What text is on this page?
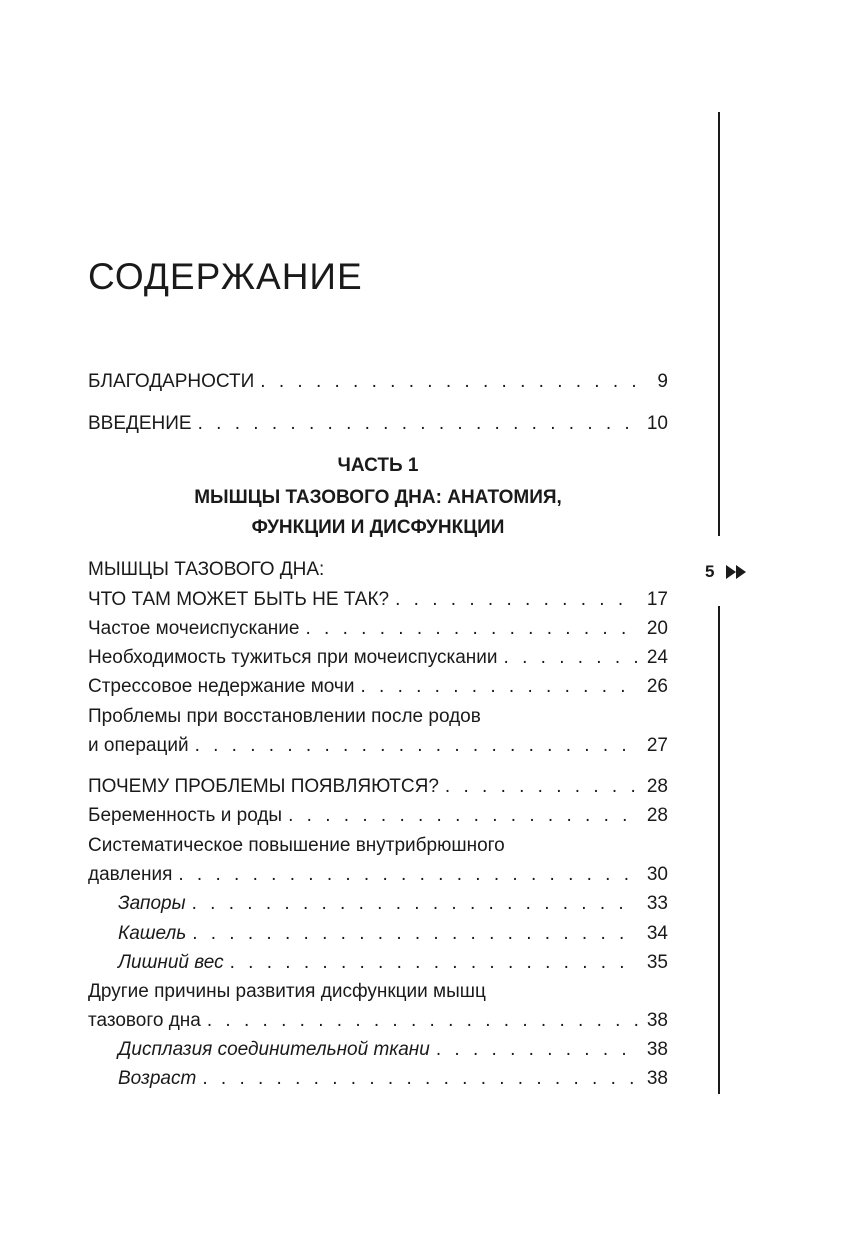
СОДЕРЖАНИЕ
БЛАГОДАРНОСТИ . . .	9
ВВЕДЕНИЕ . . .	10
ЧАСТЬ 1
МЫШЦЫ ТАЗОВОГО ДНА: АНАТОМИЯ,
ФУНКЦИИ И ДИСФУНКЦИИ
МЫШЦЫ ТАЗОВОГО ДНА:
ЧТО ТАМ МОЖЕТ БЫТЬ НЕ ТАК? . . .	17
Частое мочеиспускание . . .	20
Необходимость тужиться при мочеиспускании . . .	24
Стрессовое недержание мочи . . .	26
Проблемы при восстановлении после родов
и операций . . .	27
ПОЧЕМУ ПРОБЛЕМЫ ПОЯВЛЯЮТСЯ? . . .	28
Беременность и роды . . .	28
Систематическое повышение внутрибрюшного
давления . . .	30
Запоры . . .	33
Кашель . . .	34
Лишний вес . . .	35
Другие причины развития дисфункции мышц
тазового дна . . .	38
Дисплазия соединительной ткани . . .	38
Возраст . . .	38
5
